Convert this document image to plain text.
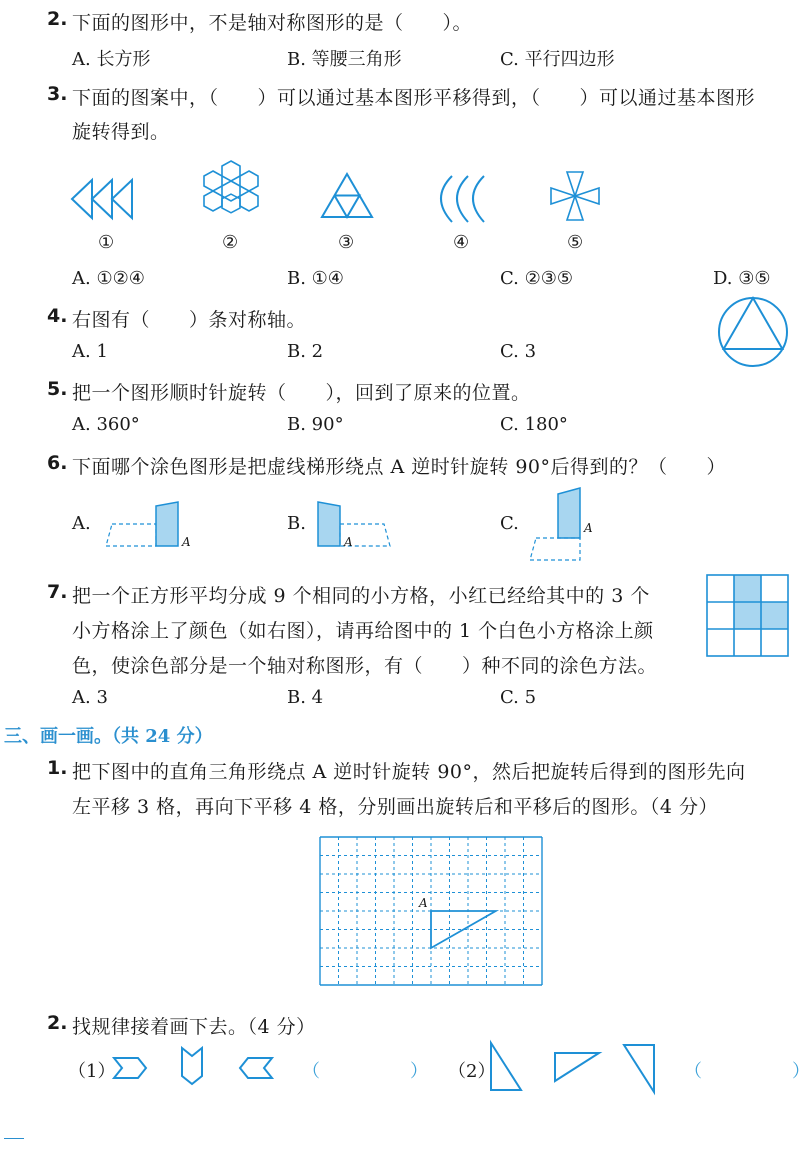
2. 下面的图形中，不是轴对称图形的是（　　）。
A. 长方形	B. 等腰三角形	C. 平行四边形
3. 下面的图案中，（　　）可以通过基本图形平移得到，（　　）可以通过基本图形
旋转得到。
①	②	③	④	⑤
A. ①②④	B. ①④	C. ②③⑤	D. ③⑤
4. 右图有（　　）条对称轴。
A. 1	B. 2	C. 3
5. 把一个图形顺时针旋转（　　），回到了原来的位置。
A. 360°	B. 90°	C. 180°
6. 下面哪个涂色图形是把虚线梯形绕点 A 逆时针旋转 90°后得到的？（　　）
A.
A
B.
A
C.	A
7. 把一个正方形平均分成 9 个相同的小方格，小红已经给其中的 3 个
小方格涂上了颜色（如右图），请再给图中的 1 个白色小方格涂上颜
色，使涂色部分是一个轴对称图形，有（　　）种不同的涂色方法。
A. 3	B. 4	C. 5
三、画一画。（共 24 分）
1. 把下图中的直角三角形绕点 A 逆时针旋转 90°，然后把旋转后得到的图形先向
左平移 3 格，再向下平移 4 格，分别画出旋转后和平移后的图形。（4 分）
A
2. 找规律接着画下去。（4 分）
（1）	（　　　　　） （2）	（　　　　　）
